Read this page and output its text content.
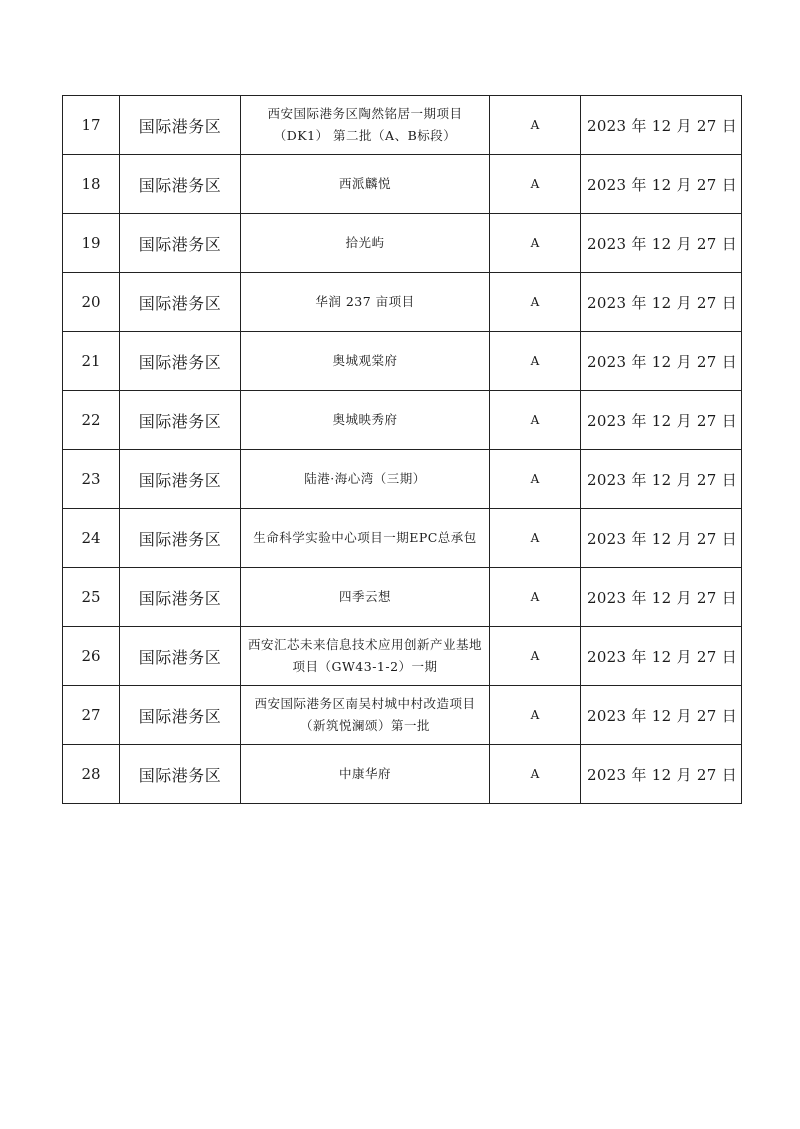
17	国际港务区	西安国际港务区陶然铭居一期项目（DK1） 第二批（A、B标段）	A	2023 年 12 月 27 日
18	国际港务区	西派麟悦	A	2023 年 12 月 27 日
19	国际港务区	拾光屿	A	2023 年 12 月 27 日
20	国际港务区	华润 237 亩项目	A	2023 年 12 月 27 日
21	国际港务区	奥城观棠府	A	2023 年 12 月 27 日
22	国际港务区	奥城映秀府	A	2023 年 12 月 27 日
23	国际港务区	陆港·海心湾（三期）	A	2023 年 12 月 27 日
24	国际港务区	生命科学实验中心项目一期EPC总承包	A	2023 年 12 月 27 日
25	国际港务区	四季云想	A	2023 年 12 月 27 日
26	国际港务区	西安汇芯未来信息技术应用创新产业基地项目（GW43-1-2）一期	A	2023 年 12 月 27 日
27	国际港务区	西安国际港务区南吴村城中村改造项目 （新筑悦澜颂）第一批	A	2023 年 12 月 27 日
28	国际港务区	中康华府	A	2023 年 12 月 27 日
